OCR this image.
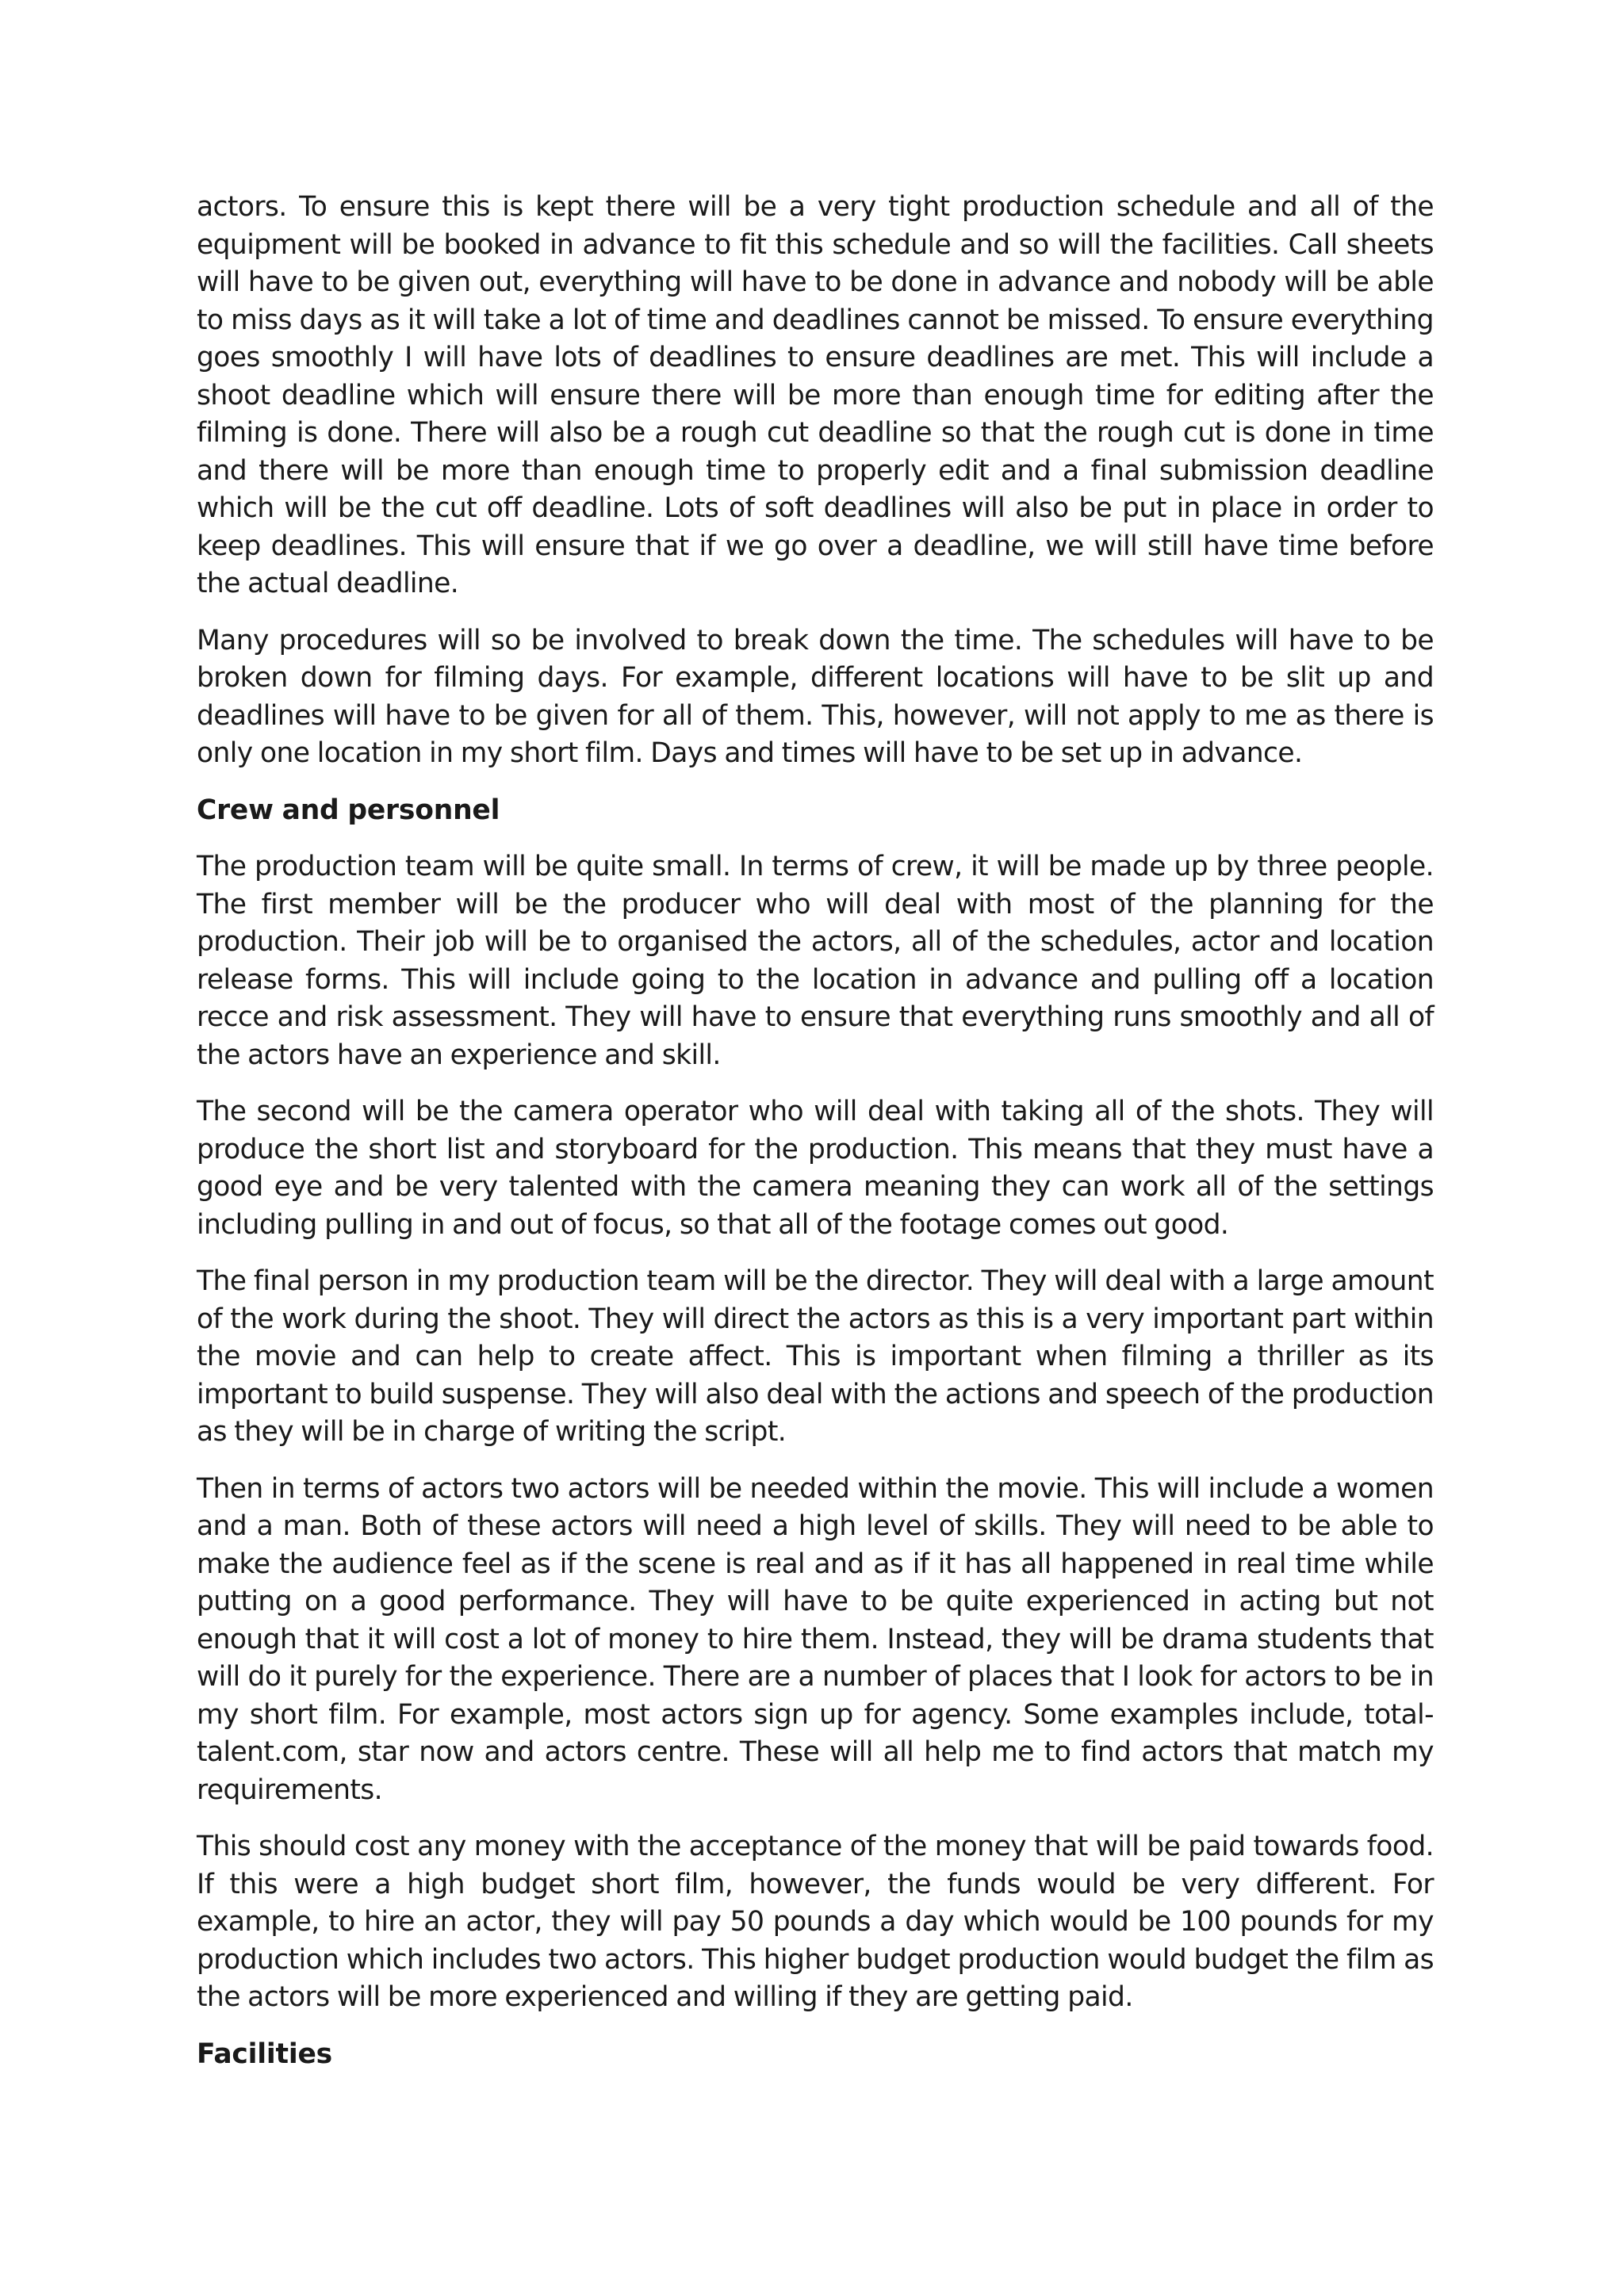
actors. To ensure this is kept there will be a very tight production schedule and all of the equipment will be booked in advance to fit this schedule and so will the facilities. Call sheets will have to be given out, everything will have to be done in advance and nobody will be able to miss days as it will take a lot of time and deadlines cannot be missed. To ensure everything goes smoothly I will have lots of deadlines to ensure deadlines are met. This will include a shoot deadline which will ensure there will be more than enough time for editing after the filming is done. There will also be a rough cut deadline so that the rough cut is done in time and there will be more than enough time to properly edit and a final submission deadline which will be the cut off deadline. Lots of soft deadlines will also be put in place in order to keep deadlines. This will ensure that if we go over a deadline, we will still have time before the actual deadline.

Many procedures will so be involved to break down the time. The schedules will have to be broken down for filming days. For example, different locations will have to be slit up and deadlines will have to be given for all of them. This, however, will not apply to me as there is only one location in my short film. Days and times will have to be set up in advance.

Crew and personnel

The production team will be quite small. In terms of crew, it will be made up by three people. The first member will be the producer who will deal with most of the planning for the production. Their job will be to organised the actors, all of the schedules, actor and location release forms. This will include going to the location in advance and pulling off a location recce and risk assessment. They will have to ensure that everything runs smoothly and all of the actors have an experience and skill.

The second will be the camera operator who will deal with taking all of the shots. They will produce the short list and storyboard for the production. This means that they must have a good eye and be very talented with the camera meaning they can work all of the settings including pulling in and out of focus, so that all of the footage comes out good.

The final person in my production team will be the director. They will deal with a large amount of the work during the shoot. They will direct the actors as this is a very important part within the movie and can help to create affect. This is important when filming a thriller as its important to build suspense. They will also deal with the actions and speech of the production as they will be in charge of writing the script.

Then in terms of actors two actors will be needed within the movie. This will include a women and a man. Both of these actors will need a high level of skills. They will need to be able to make the audience feel as if the scene is real and as if it has all happened in real time while putting on a good performance. They will have to be quite experienced in acting but not enough that it will cost a lot of money to hire them. Instead, they will be drama students that will do it purely for the experience. There are a number of places that I look for actors to be in my short film. For example, most actors sign up for agency. Some examples include, total-talent.com, star now and actors centre. These will all help me to find actors that match my requirements.

This should cost any money with the acceptance of the money that will be paid towards food. If this were a high budget short film, however, the funds would be very different. For example, to hire an actor, they will pay 50 pounds a day which would be 100 pounds for my production which includes two actors. This higher budget production would budget the film as the actors will be more experienced and willing if they are getting paid.

Facilities
